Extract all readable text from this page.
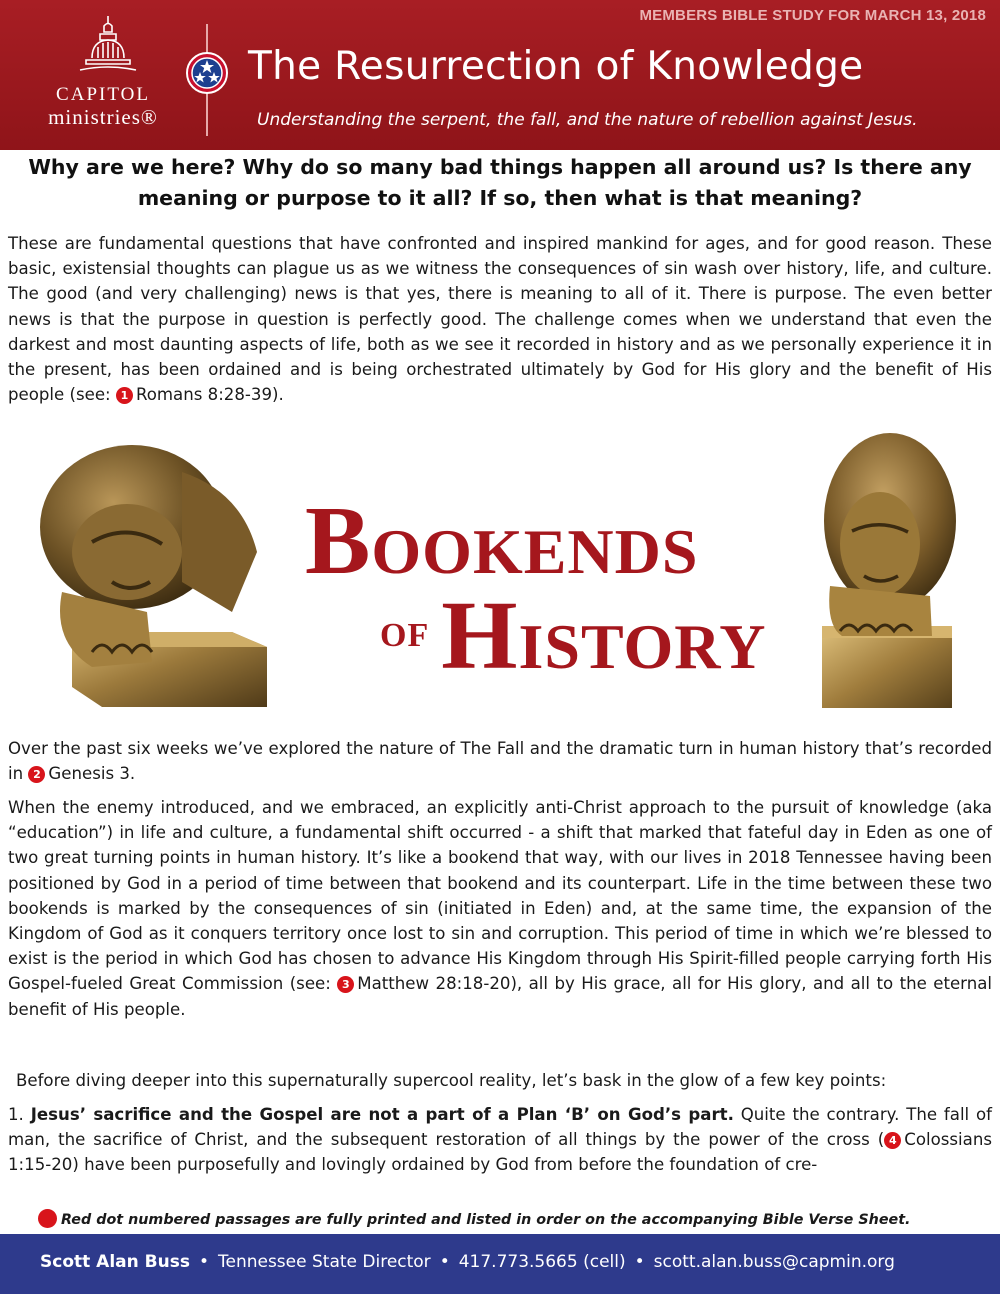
MEMBERS BIBLE STUDY FOR MARCH 13, 2018
CAPITOL
ministries®
The Resurrection of Knowledge

Understanding the serpent, the fall, and the nature of rebellion against Jesus.

Why are we here? Why do so many bad things happen all around us? Is there any meaning or purpose to it all? If so, then what is that meaning?

These are fundamental questions that have confronted and inspired mankind for ages, and for good reason. These basic, existensial thoughts can plague us as we witness the consequences of sin wash over history, life, and culture. The good (and very challenging) news is that yes, there is meaning to all of it. There is purpose. The even better news is that the purpose in question is perfectly good. The challenge comes when we understand that even the darkest and most daunting aspects of life, both as we see it recorded in history and as we personally experience it in the present, has been ordained and is being orchestrated ultimately by God for His glory and the benefit of His people (see: 1 Romans 8:28-39).

BOOKENDS
OF HISTORY

Over the past six weeks we’ve explored the nature of The Fall and the dramatic turn in human history that’s recorded in 2 Genesis 3.

When the enemy introduced, and we embraced, an explicitly anti-Christ approach to the pursuit of knowledge (aka “education”) in life and culture, a fundamental shift occurred - a shift that marked that fateful day in Eden as one of two great turning points in human history. It’s like a bookend that way, with our lives in 2018 Tennessee having been positioned by God in a period of time between that bookend and its counterpart. Life in the time between these two bookends is marked by the consequences of sin (initiated in Eden) and, at the same time, the expansion of the Kingdom of God as it conquers territory once lost to sin and corruption. This period of time in which we’re blessed to exist is the period in which God has chosen to advance His Kingdom through His Spirit-filled people carrying forth His Gospel-fueled Great Commission (see: 3 Matthew 28:18-20), all by His grace, all for His glory, and all to the eternal benefit of His people.

Before diving deeper into this supernaturally supercool reality, let’s bask in the glow of a few key points:

1. Jesus’ sacrifice and the Gospel are not a part of a Plan ‘B’ on God’s part. Quite the contrary. The fall of man, the sacrifice of Christ, and the subsequent restoration of all things by the power of the cross ( 4 Colossians 1:15-20) have been purposefully and lovingly ordained by God from before the foundation of cre-

Red dot numbered passages are fully printed and listed in order on the accompanying Bible Verse Sheet.

Scott Alan Buss • Tennessee State Director • 417.773.5665 (cell) • scott.alan.buss@capmin.org
